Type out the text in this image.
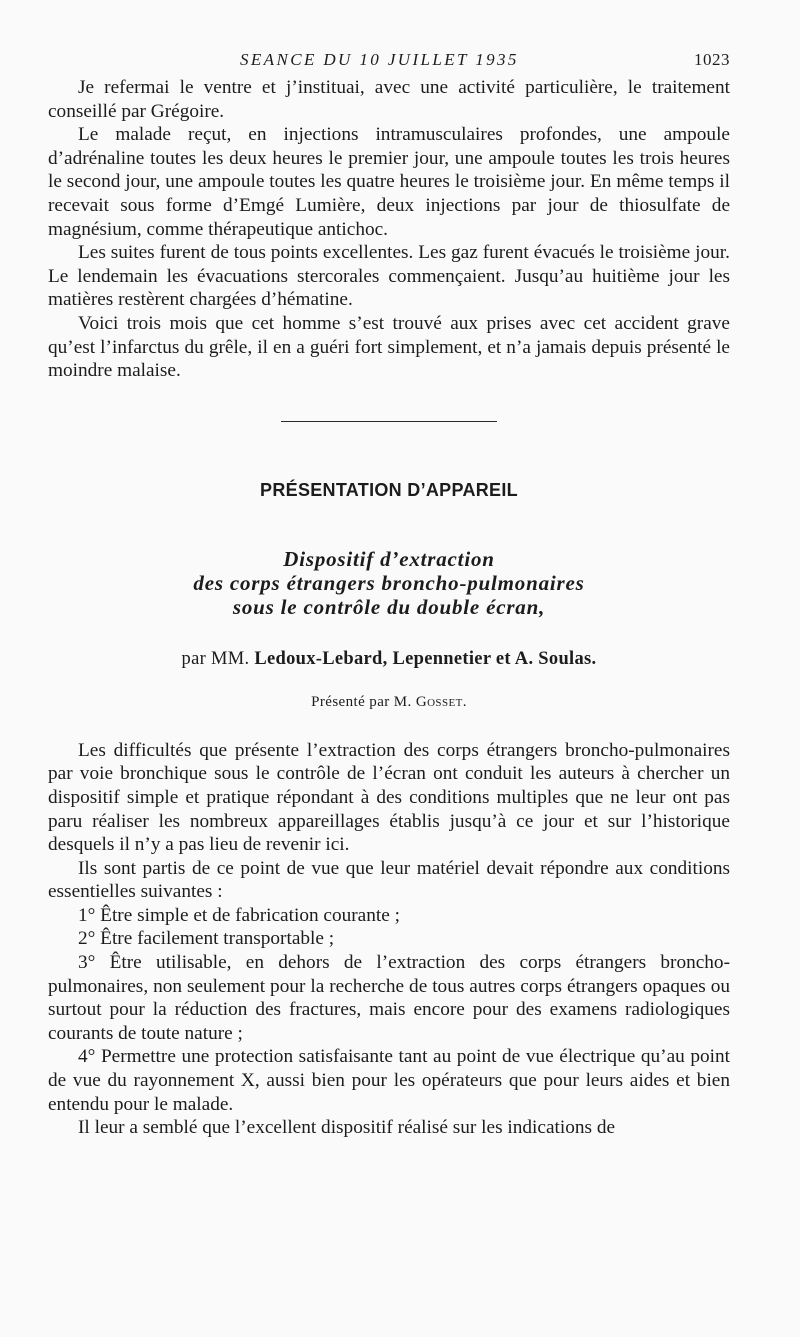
SEANCE DU 10 JUILLET 1935	1023

Je refermai le ventre et j’instituai, avec une activité particulière, le traitement conseillé par Grégoire.

Le malade reçut, en injections intramusculaires profondes, une ampoule d’adrénaline toutes les deux heures le premier jour, une ampoule toutes les trois heures le second jour, une ampoule toutes les quatre heures le troisième jour. En même temps il recevait sous forme d’Emgé Lumière, deux injections par jour de thiosulfate de magnésium, comme thérapeutique antichoc.

Les suites furent de tous points excellentes. Les gaz furent évacués le troisième jour. Le lendemain les évacuations stercorales commençaient. Jusqu’au huitième jour les matières restèrent chargées d’hématine.

Voici trois mois que cet homme s’est trouvé aux prises avec cet accident grave qu’est l’infarctus du grêle, il en a guéri fort simplement, et n’a jamais depuis présenté le moindre malaise.

PRÉSENTATION D’APPAREIL
Dispositif d’extraction
des corps étrangers broncho-pulmonaires
sous le contrôle du double écran,
par MM. Ledoux-Lebard, Lepennetier et A. Soulas.
Présenté par M. Gosset.

Les difficultés que présente l’extraction des corps étrangers broncho-pulmonaires par voie bronchique sous le contrôle de l’écran ont conduit les auteurs à chercher un dispositif simple et pratique répondant à des conditions multiples que ne leur ont pas paru réaliser les nombreux appareillages établis jusqu’à ce jour et sur l’historique desquels il n’y a pas lieu de revenir ici.

Ils sont partis de ce point de vue que leur matériel devait répondre aux conditions essentielles suivantes :

1° Être simple et de fabrication courante ;

2° Être facilement transportable ;

3° Être utilisable, en dehors de l’extraction des corps étrangers broncho-pulmonaires, non seulement pour la recherche de tous autres corps étrangers opaques ou surtout pour la réduction des fractures, mais encore pour des examens radiologiques courants de toute nature ;

4° Permettre une protection satisfaisante tant au point de vue électrique qu’au point de vue du rayonnement X, aussi bien pour les opérateurs que pour leurs aides et bien entendu pour le malade.

Il leur a semblé que l’excellent dispositif réalisé sur les indications de
